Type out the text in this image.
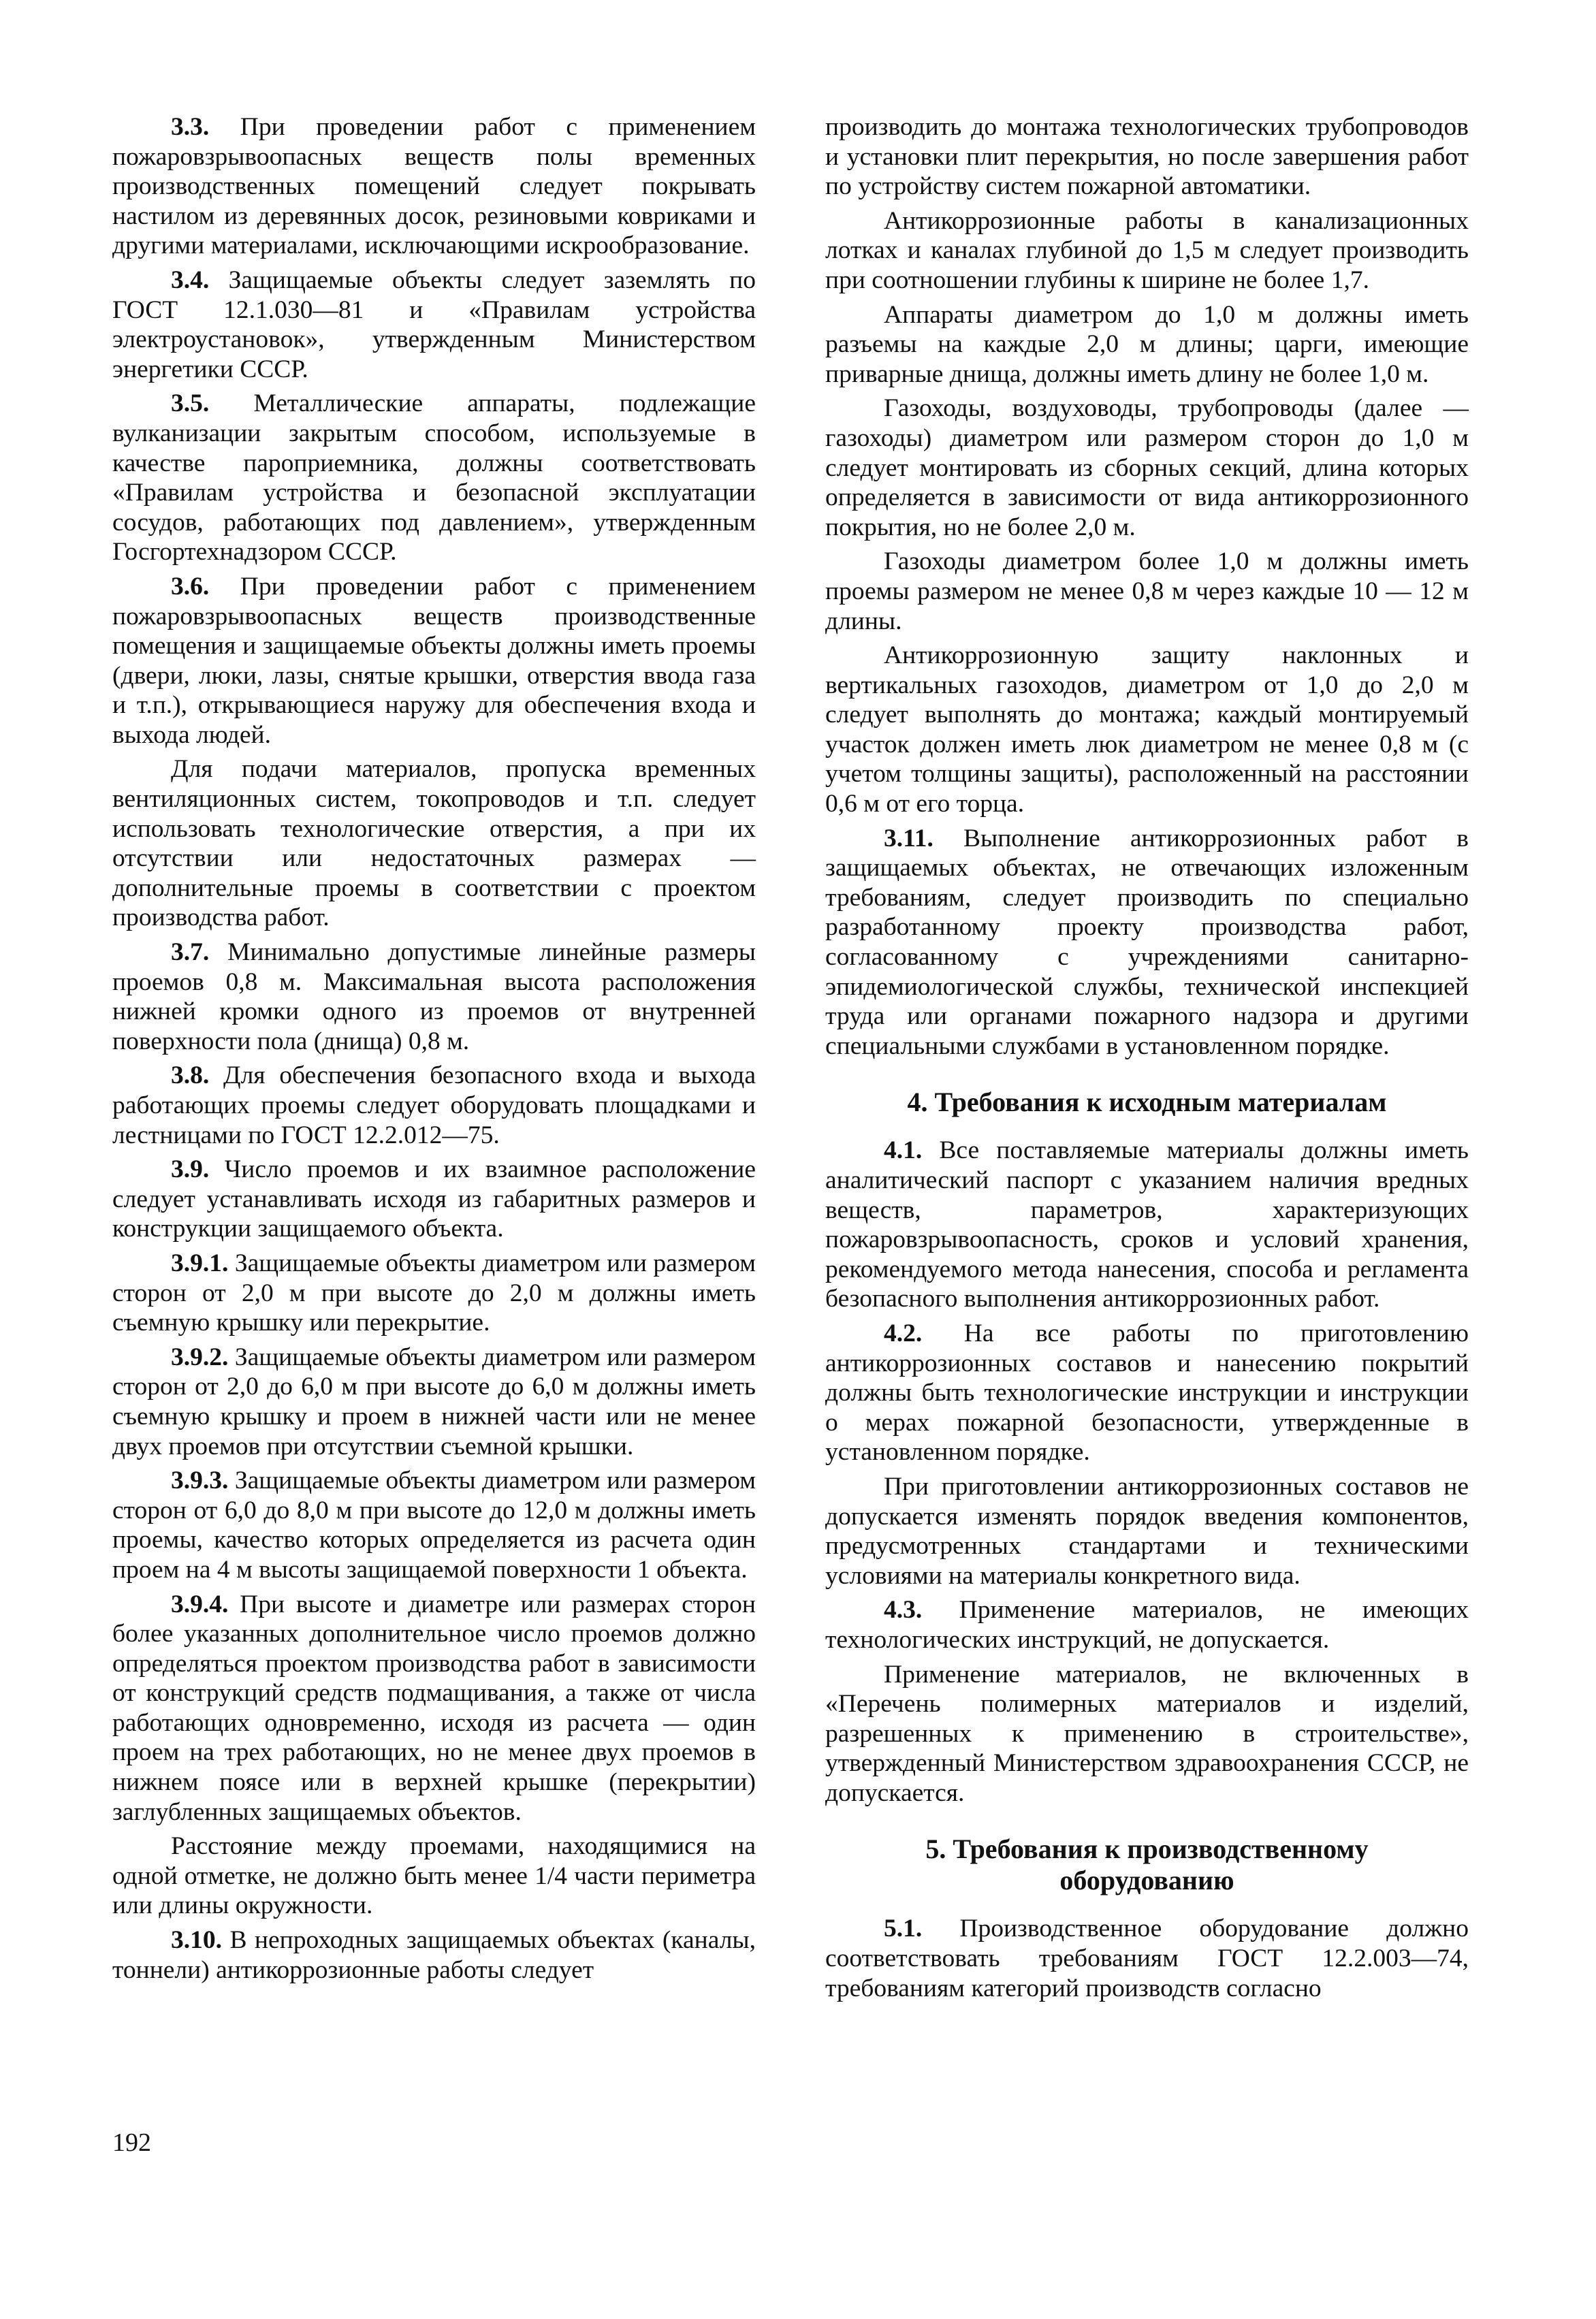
3.3. При проведении работ с применением пожаровзрывоопасных веществ полы временных производственных помещений следует покрывать настилом из деревянных досок, резиновыми ковриками и другими материалами, исключающими искрообразование.

3.4. Защищаемые объекты следует заземлять по ГОСТ 12.1.030—81 и «Правилам устройства электроустановок», утвержденным Министерством энергетики СССР.

3.5. Металлические аппараты, подлежащие вулканизации закрытым способом, используемые в качестве пароприемника, должны соответствовать «Правилам устройства и безопасной эксплуатации сосудов, работающих под давлением», утвержденным Госгортехнадзором СССР.

3.6. При проведении работ с применением пожаровзрывоопасных веществ производственные помещения и защищаемые объекты должны иметь проемы (двери, люки, лазы, снятые крышки, отверстия ввода газа и т.п.), открывающиеся наружу для обеспечения входа и выхода людей.

Для подачи материалов, пропуска временных вентиляционных систем, токопроводов и т.п. следует использовать технологические отверстия, а при их отсутствии или недостаточных размерах — дополнительные проемы в соответствии с проектом производства работ.

3.7. Минимально допустимые линейные размеры проемов 0,8 м. Максимальная высота расположения нижней кромки одного из проемов от внутренней поверхности пола (днища) 0,8 м.

3.8. Для обеспечения безопасного входа и выхода работающих проемы следует оборудовать площадками и лестницами по ГОСТ 12.2.012—75.

3.9. Число проемов и их взаимное расположение следует устанавливать исходя из габаритных размеров и конструкции защищаемого объекта.

3.9.1. Защищаемые объекты диаметром или размером сторон от 2,0 м при высоте до 2,0 м должны иметь съемную крышку или перекрытие.

3.9.2. Защищаемые объекты диаметром или размером сторон от 2,0 до 6,0 м при высоте до 6,0 м должны иметь съемную крышку и проем в нижней части или не менее двух проемов при отсутствии съемной крышки.

3.9.3. Защищаемые объекты диаметром или размером сторон от 6,0 до 8,0 м при высоте до 12,0 м должны иметь проемы, качество которых определяется из расчета один проем на 4 м высоты защищаемой поверхности 1 объекта.

3.9.4. При высоте и диаметре или размерах сторон более указанных дополнительное число проемов должно определяться проектом производства работ в зависимости от конструкций средств подмащивания, а также от числа работающих одновременно, исходя из расчета — один проем на трех работающих, но не менее двух проемов в нижнем поясе или в верхней крышке (перекрытии) заглубленных защищаемых объектов.

Расстояние между проемами, находящимися на одной отметке, не должно быть менее 1/4 части периметра или длины окружности.

3.10. В непроходных защищаемых объектах (каналы, тоннели) антикоррозионные работы следует

производить до монтажа технологических трубопроводов и установки плит перекрытия, но после завершения работ по устройству систем пожарной автоматики.

Антикоррозионные работы в канализационных лотках и каналах глубиной до 1,5 м следует производить при соотношении глубины к ширине не более 1,7.

Аппараты диаметром до 1,0 м должны иметь разъемы на каждые 2,0 м длины; царги, имеющие приварные днища, должны иметь длину не более 1,0 м.

Газоходы, воздуховоды, трубопроводы (далее — газоходы) диаметром или размером сторон до 1,0 м следует монтировать из сборных секций, длина которых определяется в зависимости от вида антикоррозионного покрытия, но не более 2,0 м.

Газоходы диаметром более 1,0 м должны иметь проемы размером не менее 0,8 м через каждые 10 — 12 м длины.

Антикоррозионную защиту наклонных и вертикальных газоходов, диаметром от 1,0 до 2,0 м следует выполнять до монтажа; каждый монтируемый участок должен иметь люк диаметром не менее 0,8 м (с учетом толщины защиты), расположенный на расстоянии 0,6 м от его торца.

3.11. Выполнение антикоррозионных работ в защищаемых объектах, не отвечающих изложенным требованиям, следует производить по специально разработанному проекту производства работ, согласованному с учреждениями санитарно-эпидемиологической службы, технической инспекцией труда или органами пожарного надзора и другими специальными службами в установленном порядке.

4. Требования к исходным материалам

4.1. Все поставляемые материалы должны иметь аналитический паспорт с указанием наличия вредных веществ, параметров, характеризующих пожаровзрывоопасность, сроков и условий хранения, рекомендуемого метода нанесения, способа и регламента безопасного выполнения антикоррозионных работ.

4.2. На все работы по приготовлению антикоррозионных составов и нанесению покрытий должны быть технологические инструкции и инструкции о мерах пожарной безопасности, утвержденные в установленном порядке.

При приготовлении антикоррозионных составов не допускается изменять порядок введения компонентов, предусмотренных стандартами и техническими условиями на материалы конкретного вида.

4.3. Применение материалов, не имеющих технологических инструкций, не допускается.

Применение материалов, не включенных в «Перечень полимерных материалов и изделий, разрешенных к применению в строительстве», утвержденный Министерством здравоохранения СССР, не допускается.

5. Требования к производственному
оборудованию

5.1. Производственное оборудование должно соответствовать требованиям ГОСТ 12.2.003—74, требованиям категорий производств согласно

192
